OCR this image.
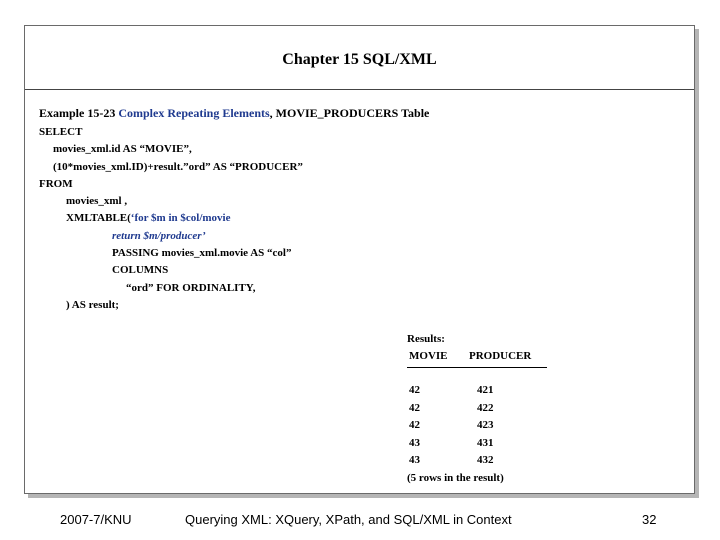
Chapter 15 SQL/XML
Example 15-23 Complex Repeating Elements, MOVIE_PRODUCERS Table
SELECT
movies_xml.id AS “MOVIE”,
(10*movies_xml.ID)+result.”ord” AS “PRODUCER”
FROM
movies_xml ,
XMLTABLE(‘for $m in $col/movie
return $m/producer’
PASSING movies_xml.movie AS “col”
COLUMNS
“ord” FOR ORDINALITY,
) AS result;
Results:
MOVIE PRODUCER
42	421
42	422
42	423
43	431
43	432
(5 rows in the result)
2007-7/KNU	Querying XML: XQuery, XPath, and SQL/XML in Context	32
